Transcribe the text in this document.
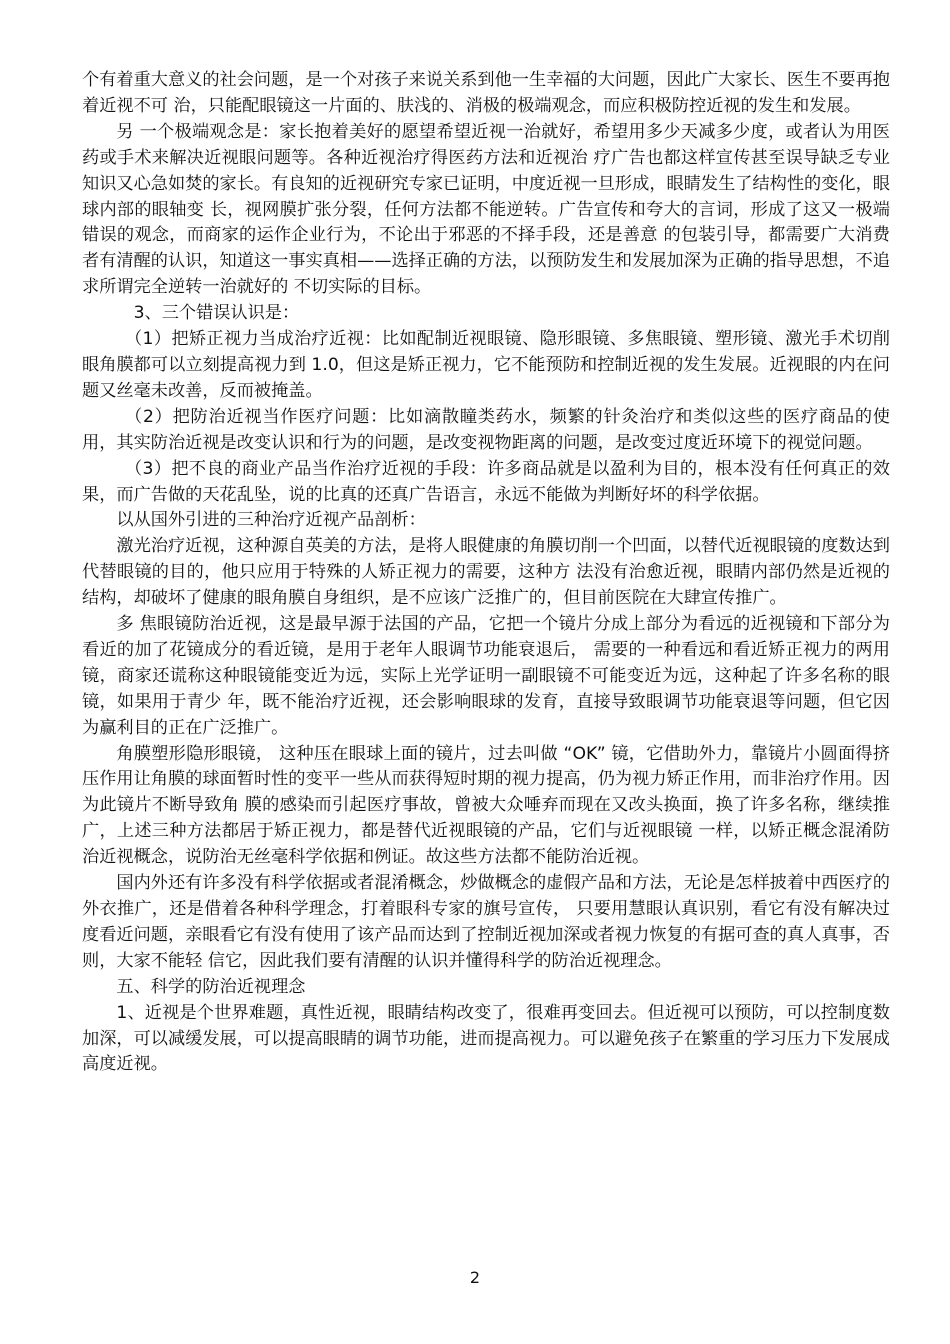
个有着重大意义的社会问题，是一个对孩子来说关系到他一生幸福的大问题，因此广大家长、医生不要再抱着近视不可 治，只能配眼镜这一片面的、肤浅的、消极的极端观念，而应积极防控近视的发生和发展。

另 一个极端观念是：家长抱着美好的愿望希望近视一治就好，希望用多少天减多少度，或者认为用医药或手术来解决近视眼问题等。各种近视治疗得医药方法和近视治 疗广告也都这样宣传甚至误导缺乏专业知识又心急如焚的家长。有良知的近视研究专家已证明，中度近视一旦形成，眼睛发生了结构性的变化，眼球内部的眼轴变 长，视网膜扩张分裂，任何方法都不能逆转。广告宣传和夸大的言词，形成了这又一极端错误的观念，而商家的运作企业行为，不论出于邪恶的不择手段，还是善意 的包装引导，都需要广大消费者有清醒的认识，知道这一事实真相——选择正确的方法，以预防发生和发展加深为正确的指导思想，不追求所谓完全逆转一治就好的 不切实际的目标。

3、三个错误认识是：

（1）把矫正视力当成治疗近视：比如配制近视眼镜、隐形眼镜、多焦眼镜、塑形镜、激光手术切削眼角膜都可以立刻提高视力到 1.0，但这是矫正视力，它不能预防和控制近视的发生发展。近视眼的内在问题又丝毫未改善，反而被掩盖。

（2）把防治近视当作医疗问题：比如滴散瞳类药水，频繁的针灸治疗和类似这些的医疗商品的使用，其实防治近视是改变认识和行为的问题，是改变视物距离的问题，是改变过度近环境下的视觉问题。

（3）把不良的商业产品当作治疗近视的手段：许多商品就是以盈利为目的，根本没有任何真正的效果，而广告做的天花乱坠，说的比真的还真广告语言，永远不能做为判断好坏的科学依据。

以从国外引进的三种治疗近视产品剖析：

激光治疗近视，这种源自英美的方法，是将人眼健康的角膜切削一个凹面，以替代近视眼镜的度数达到代替眼镜的目的，他只应用于特殊的人矫正视力的需要，这种方 法没有治愈近视，眼睛内部仍然是近视的结构，却破坏了健康的眼角膜自身组织，是不应该广泛推广的，但目前医院在大肆宣传推广。

多 焦眼镜防治近视，这是最早源于法国的产品，它把一个镜片分成上部分为看远的近视镜和下部分为看近的加了花镜成分的看近镜，是用于老年人眼调节功能衰退后， 需要的一种看远和看近矫正视力的两用镜，商家还谎称这种眼镜能变近为远，实际上光学证明一副眼镜不可能变近为远，这种起了许多名称的眼镜，如果用于青少 年，既不能治疗近视，还会影响眼球的发育，直接导致眼调节功能衰退等问题，但它因为赢利目的正在广泛推广。

角膜塑形隐形眼镜， 这种压在眼球上面的镜片，过去叫做 “OK” 镜，它借助外力，靠镜片小圆面得挤压作用让角膜的球面暂时性的变平一些从而获得短时期的视力提高，仍为视力矫正作用，而非治疗作用。因为此镜片不断导致角 膜的感染而引起医疗事故，曾被大众唾弃而现在又改头换面，换了许多名称，继续推广，上述三种方法都居于矫正视力，都是替代近视眼镜的产品，它们与近视眼镜 一样，以矫正概念混淆防治近视概念，说防治无丝毫科学依据和例证。故这些方法都不能防治近视。

国内外还有许多没有科学依据或者混淆概念，炒做概念的虚假产品和方法，无论是怎样披着中西医疗的外衣推广，还是借着各种科学理念，打着眼科专家的旗号宣传， 只要用慧眼认真识别，看它有没有解决过度看近问题，亲眼看它有没有使用了该产品而达到了控制近视加深或者视力恢复的有据可查的真人真事，否则，大家不能轻 信它，因此我们要有清醒的认识并懂得科学的防治近视理念。

五、科学的防治近视理念

1、近视是个世界难题，真性近视，眼睛结构改变了，很难再变回去。但近视可以预防，可以控制度数加深，可以减缓发展，可以提高眼睛的调节功能，进而提高视力。可以避免孩子在繁重的学习压力下发展成高度近视。

2
